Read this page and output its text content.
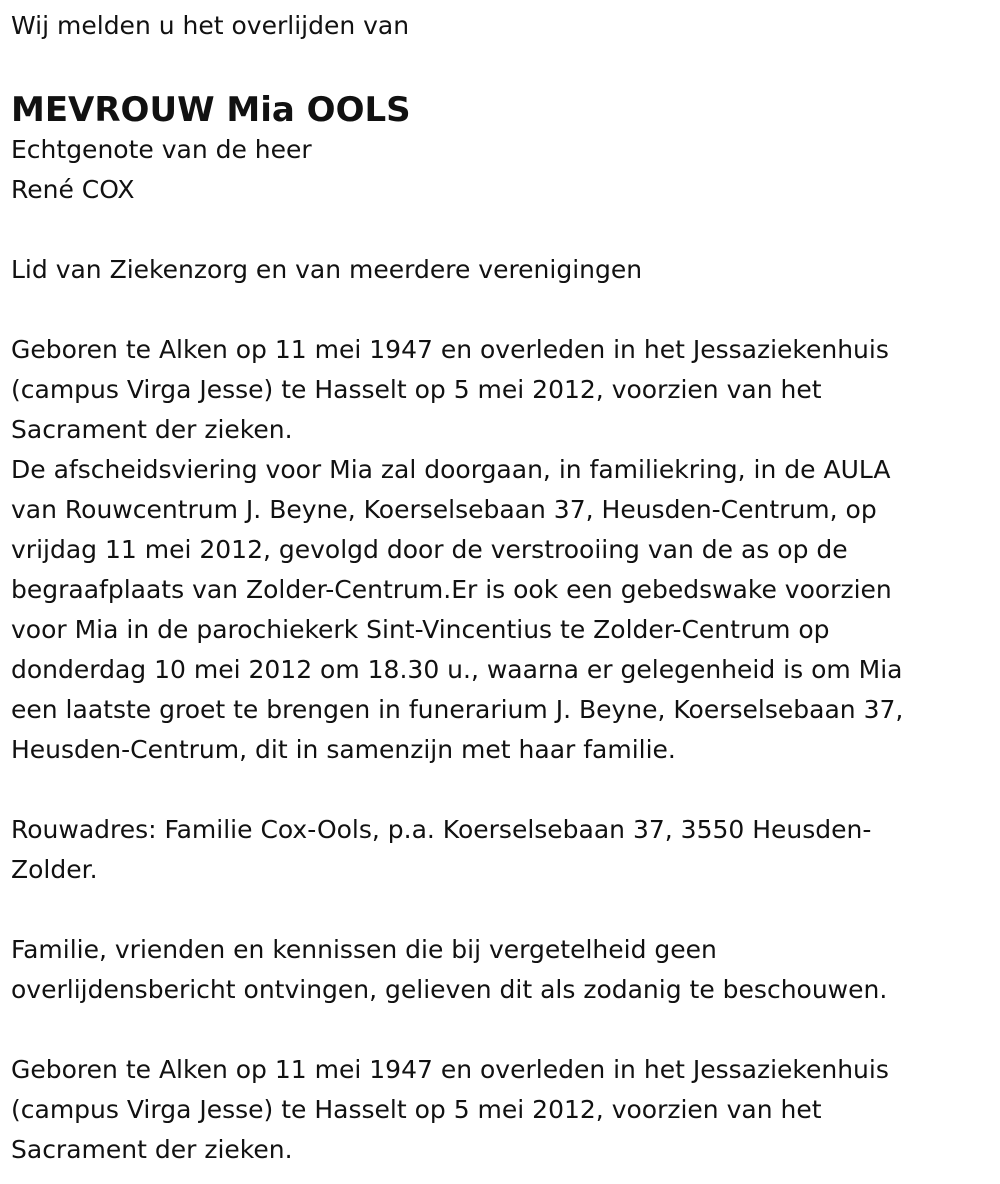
Wij melden u het overlijden van
MEVROUW Mia OOLS
Echtgenote van de heer
René COX
Lid van Ziekenzorg en van meerdere verenigingen
Geboren te Alken op 11 mei 1947 en overleden in het Jessaziekenhuis
(campus Virga Jesse) te Hasselt op 5 mei 2012, voorzien van het
Sacrament der zieken.
De afscheidsviering voor Mia zal doorgaan, in familiekring, in de AULA
van Rouwcentrum J. Beyne, Koerselsebaan 37, Heusden-Centrum, op
vrijdag 11 mei 2012, gevolgd door de verstrooiing van de as op de
begraafplaats van Zolder-Centrum.Er is ook een gebedswake voorzien
voor Mia in de parochiekerk Sint-Vincentius te Zolder-Centrum op
donderdag 10 mei 2012 om 18.30 u., waarna er gelegenheid is om Mia
een laatste groet te brengen in funerarium J. Beyne, Koerselsebaan 37,
Heusden-Centrum, dit in samenzijn met haar familie.
Rouwadres: Familie Cox-Ools, p.a. Koerselsebaan 37, 3550 Heusden-
Zolder.
Familie, vrienden en kennissen die bij vergetelheid geen
overlijdensbericht ontvingen, gelieven dit als zodanig te beschouwen.
Geboren te Alken op 11 mei 1947 en overleden in het Jessaziekenhuis
(campus Virga Jesse) te Hasselt op 5 mei 2012, voorzien van het
Sacrament der zieken.
